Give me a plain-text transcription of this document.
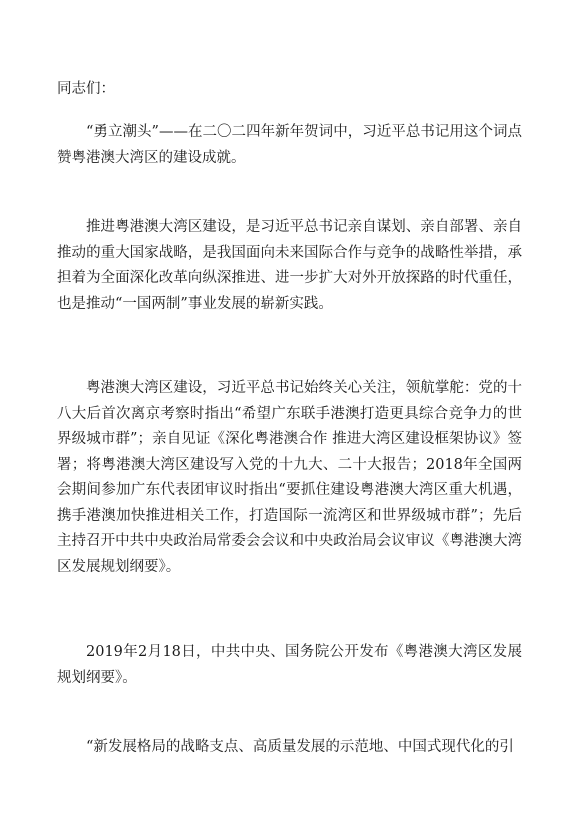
同志们：

“勇立潮头”——在二〇二四年新年贺词中，习近平总书记用这个词点赞粤港澳大湾区的建设成就。

推进粤港澳大湾区建设，是习近平总书记亲自谋划、亲自部署、亲自推动的重大国家战略，是我国面向未来国际合作与竞争的战略性举措，承担着为全面深化改革向纵深推进、进一步扩大对外开放探路的时代重任，也是推动“一国两制”事业发展的崭新实践。

粤港澳大湾区建设，习近平总书记始终关心关注，领航掌舵：党的十八大后首次离京考察时指出“希望广东联手港澳打造更具综合竞争力的世界级城市群”；亲自见证《深化粤港澳合作 推进大湾区建设框架协议》签署；将粤港澳大湾区建设写入党的十九大、二十大报告；2018年全国两会期间参加广东代表团审议时指出“要抓住建设粤港澳大湾区重大机遇，携手港澳加快推进相关工作，打造国际一流湾区和世界级城市群”；先后主持召开中共中央政治局常委会会议和中央政治局会议审议《粤港澳大湾区发展规划纲要》。

2019年2月18日，中共中央、国务院公开发布《粤港澳大湾区发展规划纲要》。

“新发展格局的战略支点、高质量发展的示范地、中国式现代化的引
